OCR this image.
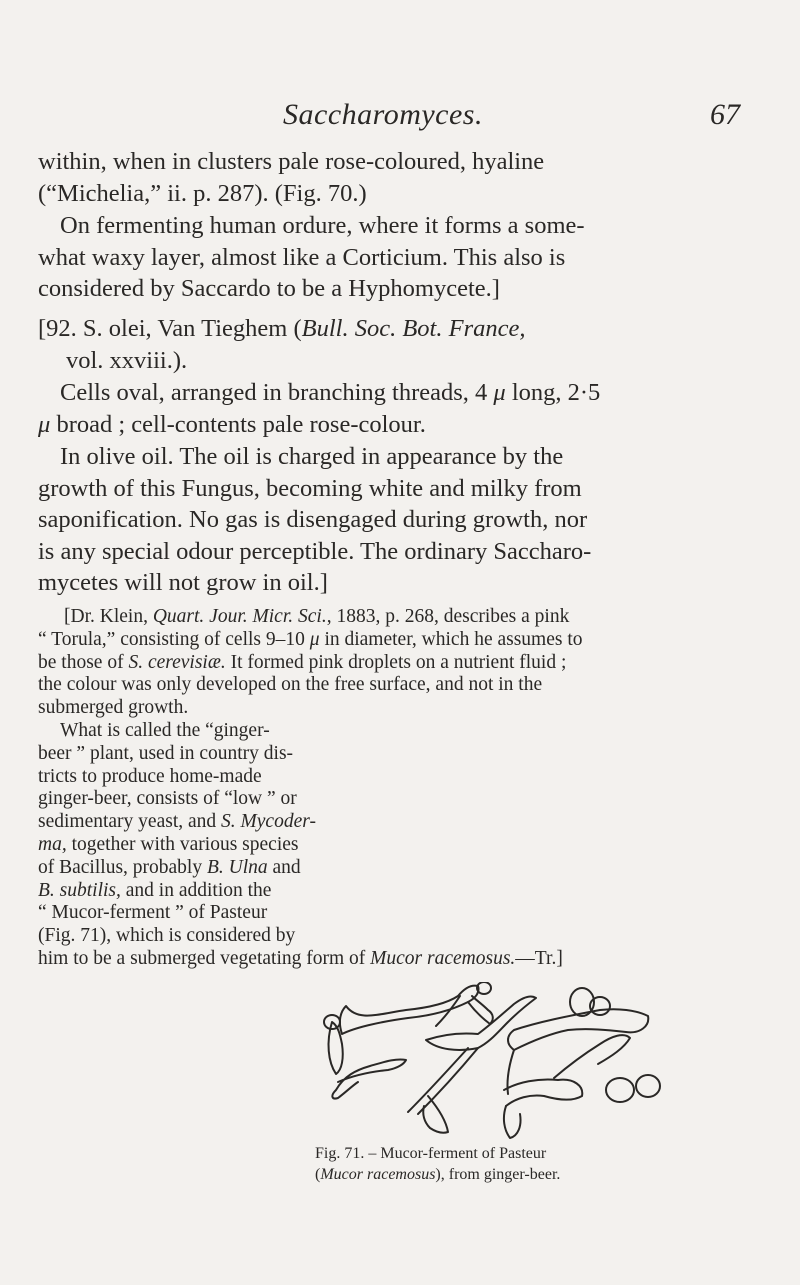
Saccharomyces.	67
within, when in clusters pale rose-coloured, hyaline
(“Michelia,” ii. p. 287). (Fig. 70.)
On fermenting human ordure, where it forms a some-
what waxy layer, almost like a Corticium. This also is
considered by Saccardo to be a Hyphomycete.]
[92. S. olei, Van Tieghem (Bull. Soc. Bot. France,
vol. xxviii.).
Cells oval, arranged in branching threads, 4 μ long, 2·5
μ broad ; cell-contents pale rose-colour.
In olive oil. The oil is charged in appearance by the
growth of this Fungus, becoming white and milky from
saponification. No gas is disengaged during growth, nor
is any special odour perceptible. The ordinary Saccharo-
mycetes will not grow in oil.]
[Dr. Klein, Quart. Jour. Micr. Sci., 1883, p. 268, describes a pink
“ Torula,” consisting of cells 9–10 μ in diameter, which he assumes to
be those of S. cerevisiæ. It formed pink droplets on a nutrient fluid ;
the colour was only developed on the free surface, and not in the
submerged growth.
What is called the “ginger-
beer ” plant, used in country dis-
tricts to produce home-made
ginger-beer, consists of “low ” or
sedimentary yeast, and S. Mycoder-
ma, together with various species
of Bacillus, probably B. Ulna and
B. subtilis, and in addition the
“ Mucor-ferment ” of Pasteur
(Fig. 71), which is considered by
him to be a submerged vegetating form of Mucor racemosus.—Tr.]
Fig. 71. – Mucor-ferment of Pasteur
(Mucor racemosus), from ginger-beer.
